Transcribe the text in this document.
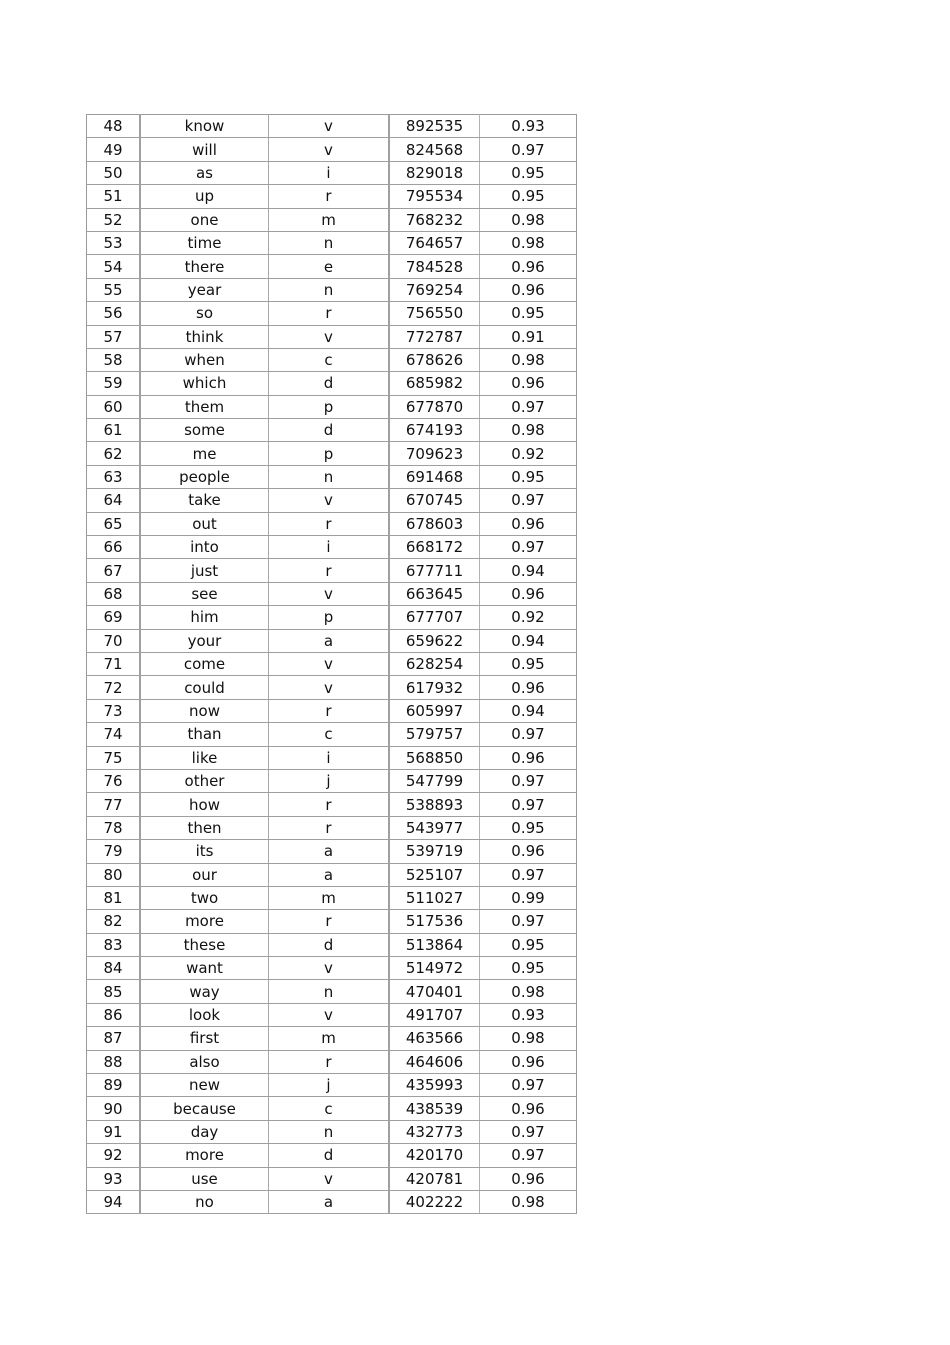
48	know	v	892535	0.93
49	will	v	824568	0.97
50	as	i	829018	0.95
51	up	r	795534	0.95
52	one	m	768232	0.98
53	time	n	764657	0.98
54	there	e	784528	0.96
55	year	n	769254	0.96
56	so	r	756550	0.95
57	think	v	772787	0.91
58	when	c	678626	0.98
59	which	d	685982	0.96
60	them	p	677870	0.97
61	some	d	674193	0.98
62	me	p	709623	0.92
63	people	n	691468	0.95
64	take	v	670745	0.97
65	out	r	678603	0.96
66	into	i	668172	0.97
67	just	r	677711	0.94
68	see	v	663645	0.96
69	him	p	677707	0.92
70	your	a	659622	0.94
71	come	v	628254	0.95
72	could	v	617932	0.96
73	now	r	605997	0.94
74	than	c	579757	0.97
75	like	i	568850	0.96
76	other	j	547799	0.97
77	how	r	538893	0.97
78	then	r	543977	0.95
79	its	a	539719	0.96
80	our	a	525107	0.97
81	two	m	511027	0.99
82	more	r	517536	0.97
83	these	d	513864	0.95
84	want	v	514972	0.95
85	way	n	470401	0.98
86	look	v	491707	0.93
87	first	m	463566	0.98
88	also	r	464606	0.96
89	new	j	435993	0.97
90	because	c	438539	0.96
91	day	n	432773	0.97
92	more	d	420170	0.97
93	use	v	420781	0.96
94	no	a	402222	0.98
